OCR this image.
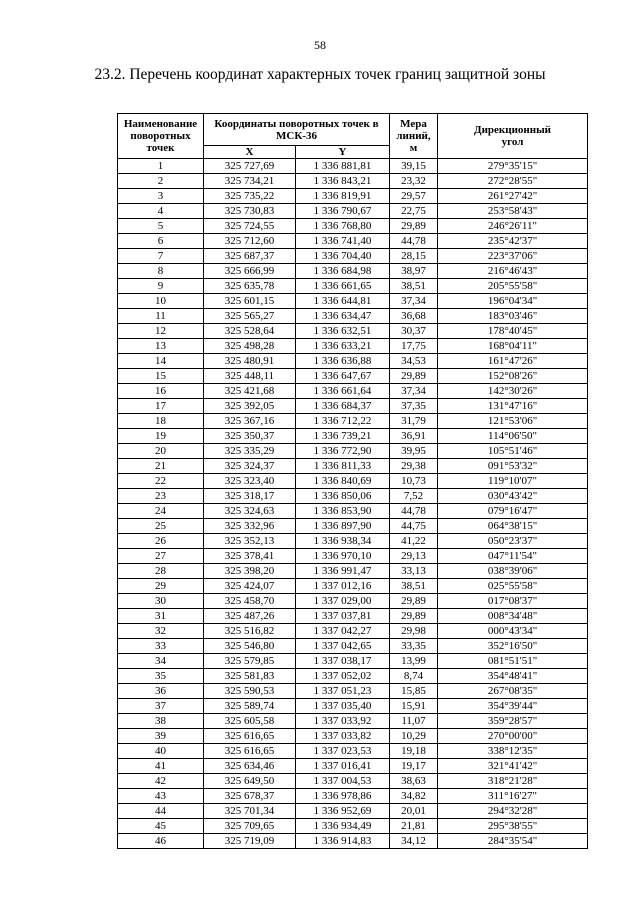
58
23.2. Перечень координат характерных точек границ защитной зоны
Наименование
поворотных
точек	Координаты поворотных точек в
МСК-36		Мера
линий,
м	Дирекционный
угол

	X	Y		
1	325 727,69	1 336 881,81	39,15	279°35'15"
2	325 734,21	1 336 843,21	23,32	272°28'55"
3	325 735,22	1 336 819,91	29,57	261°27'42"
4	325 730,83	1 336 790,67	22,75	253°58'43"
5	325 724,55	1 336 768,80	29,89	246°26'11"
6	325 712,60	1 336 741,40	44,78	235°42'37"
7	325 687,37	1 336 704,40	28,15	223°37'06"
8	325 666,99	1 336 684,98	38,97	216°46'43"
9	325 635,78	1 336 661,65	38,51	205°55'58"
10	325 601,15	1 336 644,81	37,34	196°04'34"
11	325 565,27	1 336 634,47	36,68	183°03'46"
12	325 528,64	1 336 632,51	30,37	178°40'45"
13	325 498,28	1 336 633,21	17,75	168°04'11"
14	325 480,91	1 336 636,88	34,53	161°47'26"
15	325 448,11	1 336 647,67	29,89	152°08'26"
16	325 421,68	1 336 661,64	37,34	142°30'26"
17	325 392,05	1 336 684,37	37,35	131°47'16"
18	325 367,16	1 336 712,22	31,79	121°53'06"
19	325 350,37	1 336 739,21	36,91	114°06'50"
20	325 335,29	1 336 772,90	39,95	105°51'46"
21	325 324,37	1 336 811,33	29,38	091°53'32"
22	325 323,40	1 336 840,69	10,73	119°10'07"
23	325 318,17	1 336 850,06	7,52	030°43'42"
24	325 324,63	1 336 853,90	44,78	079°16'47"
25	325 332,96	1 336 897,90	44,75	064°38'15"
26	325 352,13	1 336 938,34	41,22	050°23'37"
27	325 378,41	1 336 970,10	29,13	047°11'54"
28	325 398,20	1 336 991,47	33,13	038°39'06"
29	325 424,07	1 337 012,16	38,51	025°55'58"
30	325 458,70	1 337 029,00	29,89	017°08'37"
31	325 487,26	1 337 037,81	29,89	008°34'48"
32	325 516,82	1 337 042,27	29,98	000°43'34"
33	325 546,80	1 337 042,65	33,35	352°16'50"
34	325 579,85	1 337 038,17	13,99	081°51'51"
35	325 581,83	1 337 052,02	8,74	354°48'41"
36	325 590,53	1 337 051,23	15,85	267°08'35"
37	325 589,74	1 337 035,40	15,91	354°39'44"
38	325 605,58	1 337 033,92	11,07	359°28'57"
39	325 616,65	1 337 033,82	10,29	270°00'00"
40	325 616,65	1 337 023,53	19,18	338°12'35"
41	325 634,46	1 337 016,41	19,17	321°41'42"
42	325 649,50	1 337 004,53	38,63	318°21'28"
43	325 678,37	1 336 978,86	34,82	311°16'27"
44	325 701,34	1 336 952,69	20,01	294°32'28"
45	325 709,65	1 336 934,49	21,81	295°38'55"
46	325 719,09	1 336 914,83	34,12	284°35'54"
